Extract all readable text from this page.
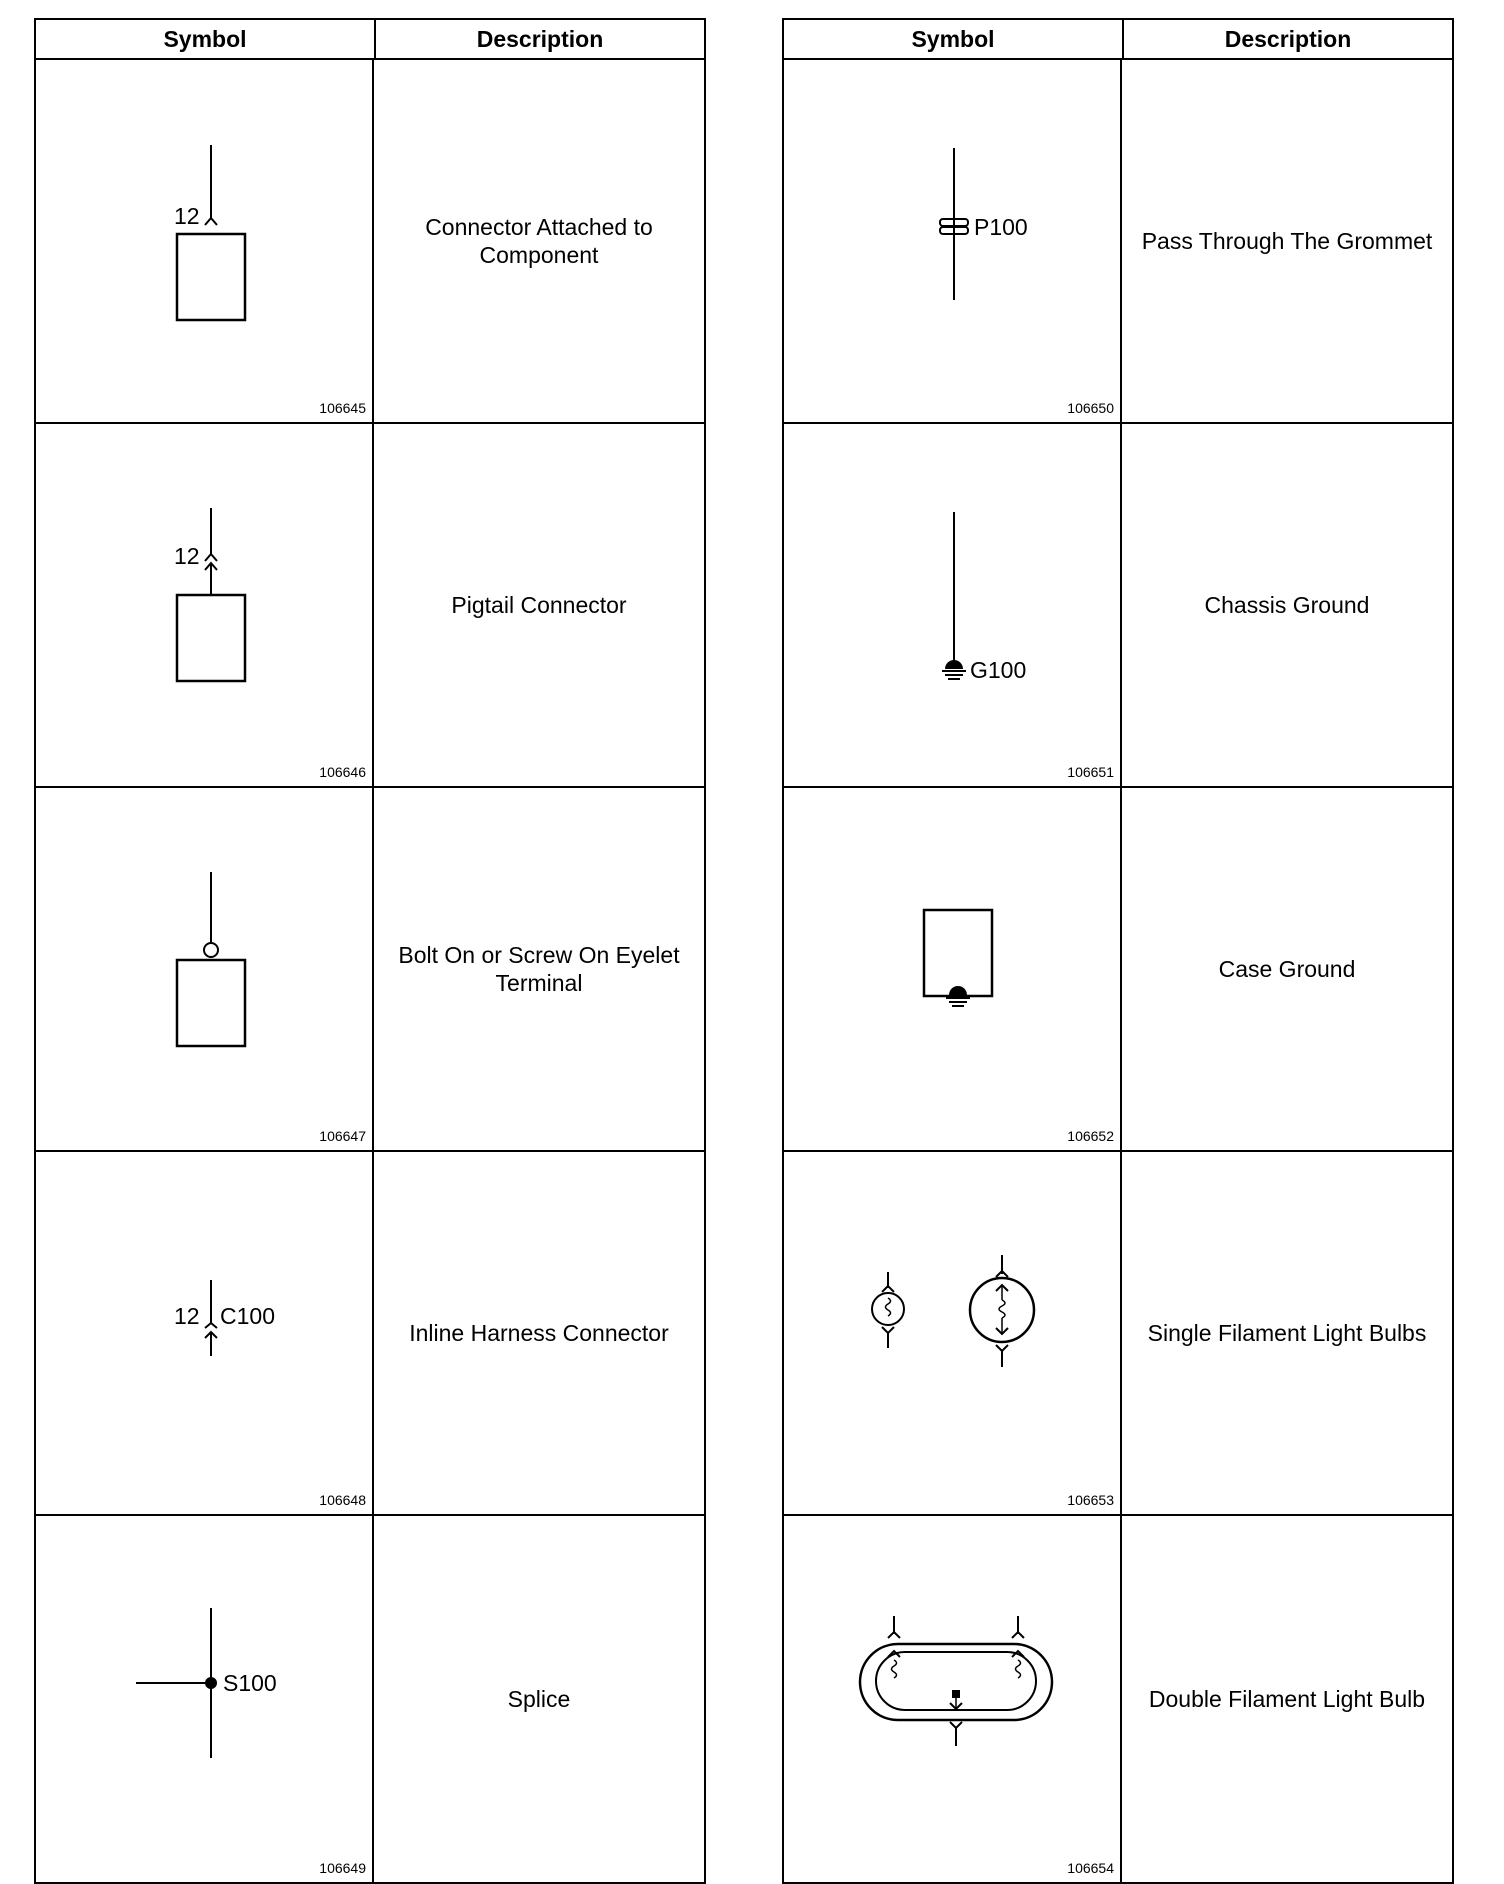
Symbol	Description
12
106645
Connector Attached to Component
12
106646
Pigtail Connector
106647
Bolt On or Screw On Eyelet Terminal
12 C100
106648
Inline Harness Connector
S100
106649
Splice
Symbol	Description
P100
106650
Pass Through The Grommet
G100
106651
Chassis Ground
106652
Case Ground
106653
Single Filament Light Bulbs
106654
Double Filament Light Bulb
